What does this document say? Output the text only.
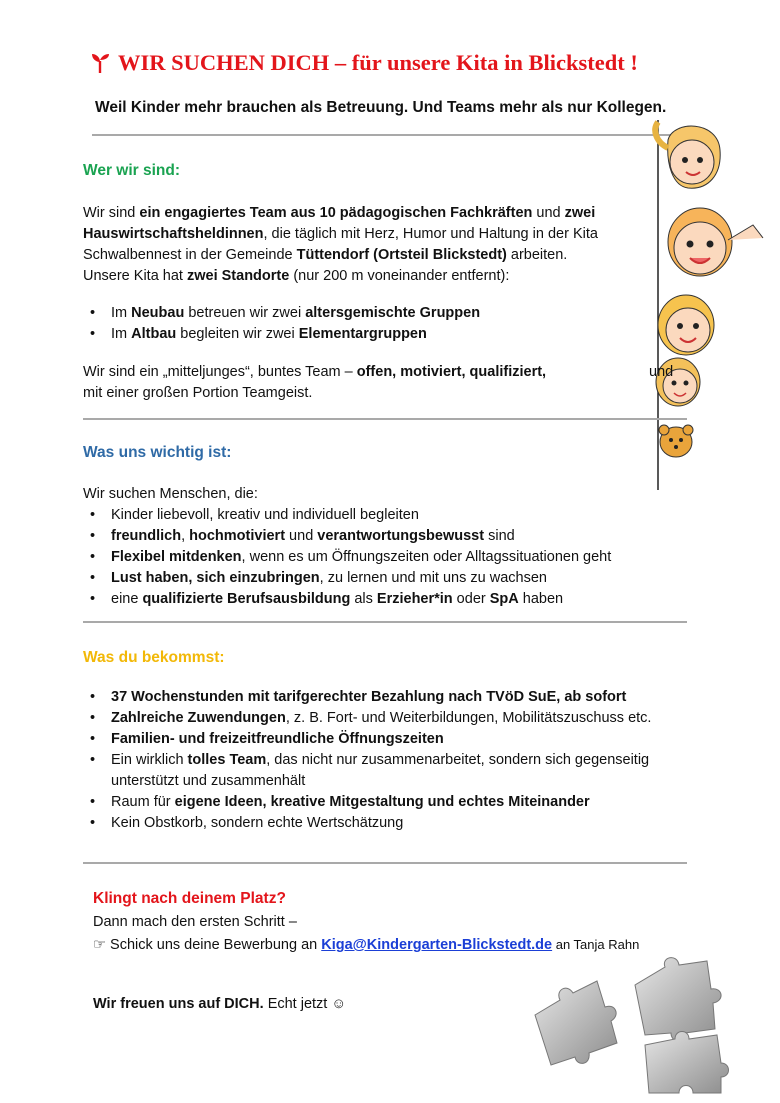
WIR SUCHEN DICH – für unsere Kita in Blickstedt !
Weil Kinder mehr brauchen als Betreuung. Und Teams mehr als nur Kollegen.
Wer wir sind:
Wir sind ein engagiertes Team aus 10 pädagogischen Fachkräften und zwei
Hauswirtschaftsheldinnen, die täglich mit Herz, Humor und Haltung in der Kita
Schwalbennest in der Gemeinde Tüttendorf (Ortsteil Blickstedt) arbeiten.
Unsere Kita hat zwei Standorte (nur 200 m voneinander entfernt):
• Im Neubau betreuen wir zwei altersgemischte Gruppen
• Im Altbau begleiten wir zwei Elementargruppen
Wir sind ein „mitteljunges“, buntes Team – offen, motiviert, qualifiziert,	und
mit einer großen Portion Teamgeist.
Was uns wichtig ist:
Wir suchen Menschen, die:
• Kinder liebevoll, kreativ und individuell begleiten
• freundlich, hochmotiviert und verantwortungsbewusst sind
• Flexibel mitdenken, wenn es um Öffnungszeiten oder Alltagssituationen geht
• Lust haben, sich einzubringen, zu lernen und mit uns zu wachsen
• eine qualifizierte Berufsausbildung als Erzieher*in oder SpA haben
Was du bekommst:
• 37 Wochenstunden mit tarifgerechter Bezahlung nach TVöD SuE, ab sofort
• Zahlreiche Zuwendungen, z. B. Fort- und Weiterbildungen, Mobilitätszuschuss etc.
• Familien- und freizeitfreundliche Öffnungszeiten
• Ein wirklich tolles Team, das nicht nur zusammenarbeitet, sondern sich gegenseitig
unterstützt und zusammenhält
• Raum für eigene Ideen, kreative Mitgestaltung und echtes Miteinander
• Kein Obstkorb, sondern echte Wertschätzung
Klingt nach deinem Platz?
Dann mach den ersten Schritt –
☞ Schick uns deine Bewerbung an Kiga@Kindergarten-Blickstedt.de an Tanja Rahn
Wir freuen uns auf DICH. Echt jetzt ☺
